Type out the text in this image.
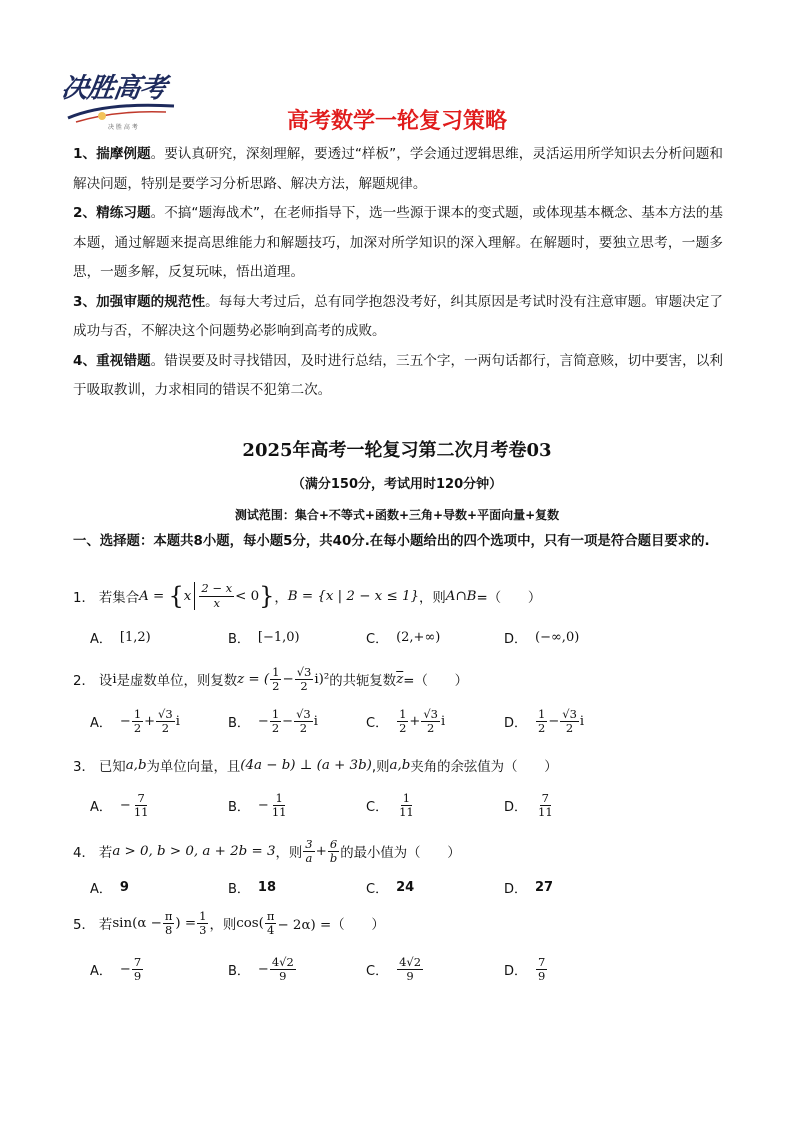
决胜高考
决 胜 高 考	高考数学一轮复习策略

1、揣摩例题。要认真研究，深刻理解，要透过“样板”，学会通过逻辑思维，灵活运用所学知识去分析问题和解决问题，特别是要学习分析思路、解决方法，解题规律。

2、精练习题。不搞“题海战术”，在老师指导下，选一些源于课本的变式题，或体现基本概念、基本方法的基本题，通过解题来提高思维能力和解题技巧，加深对所学知识的深入理解。在解题时，要独立思考，一题多思，一题多解，反复玩味，悟出道理。

3、加强审题的规范性。每每大考过后，总有同学抱怨没考好，纠其原因是考试时没有注意审题。审题决定了成功与否，不解决这个问题势必影响到高考的成败。

4、重视错题。错误要及时寻找错因，及时进行总结，三五个字，一两句话都行，言简意赅，切中要害，以利于吸取教训，力求相同的错误不犯第二次。

2025年高考一轮复习第二次月考卷03
（满分150分，考试用时120分钟）
测试范围：集合+不等式+函数+三角+导数+平面向量+复数
一、选择题：本题共8小题，每小题5分，共40分.在每小题给出的四个选项中，只有一项是符合题目要求的.
1． 若集合 A = { x $\frac{2 - x}{x} < 0$ } ， B = {x | 2 − x ≤ 1} ，则 A∩B =（　　）
A． [1,2)	B． [−1,0)	C． (2,+∞)	D． (−∞,0)
2． 设 i 是虚数单位，则复数 z = ( $\frac{1}{2} - \frac{√3}{2} i)^2$ 的共轭复数 $\overline{z}$ =（　　）
A． − $\frac{1}{2} + \frac{√3}{2}$ i	B． − $\frac{1}{2} - \frac{√3}{2}$ i	C． $\frac{1}{2} + \frac{√3}{2}$ i	D． $\frac{1}{2} - \frac{√3}{2}$ i
3． 已知 a,b 为单位向量，且 (4a − b) ⊥ (a + 3b) ,则 a,b 夹角的余弦值为（　　）
A． − $\frac{7}{11}$	B． − $\frac{1}{11}$	C． $\frac{1}{11}$	D． $\frac{7}{11}$
4． 若 a > 0, b > 0, a + 2b = 3 ，则 $\frac{3}{a} + \frac{6}{b}$ 的最小值为（　　）
A． 9	B． 18	C． 24	D． 27
5． 若 $\sin(\alpha - \frac{\pi}{8}$ ) = $\frac{1}{3}$ ，则 $\cos( \frac{\pi}{4} - 2\alpha)$ =（　　）
A． − $\frac{7}{9}$	B． − $\frac{4√2}{9}$	C． $\frac{4√2}{9}$	D． $\frac{7}{9}$
